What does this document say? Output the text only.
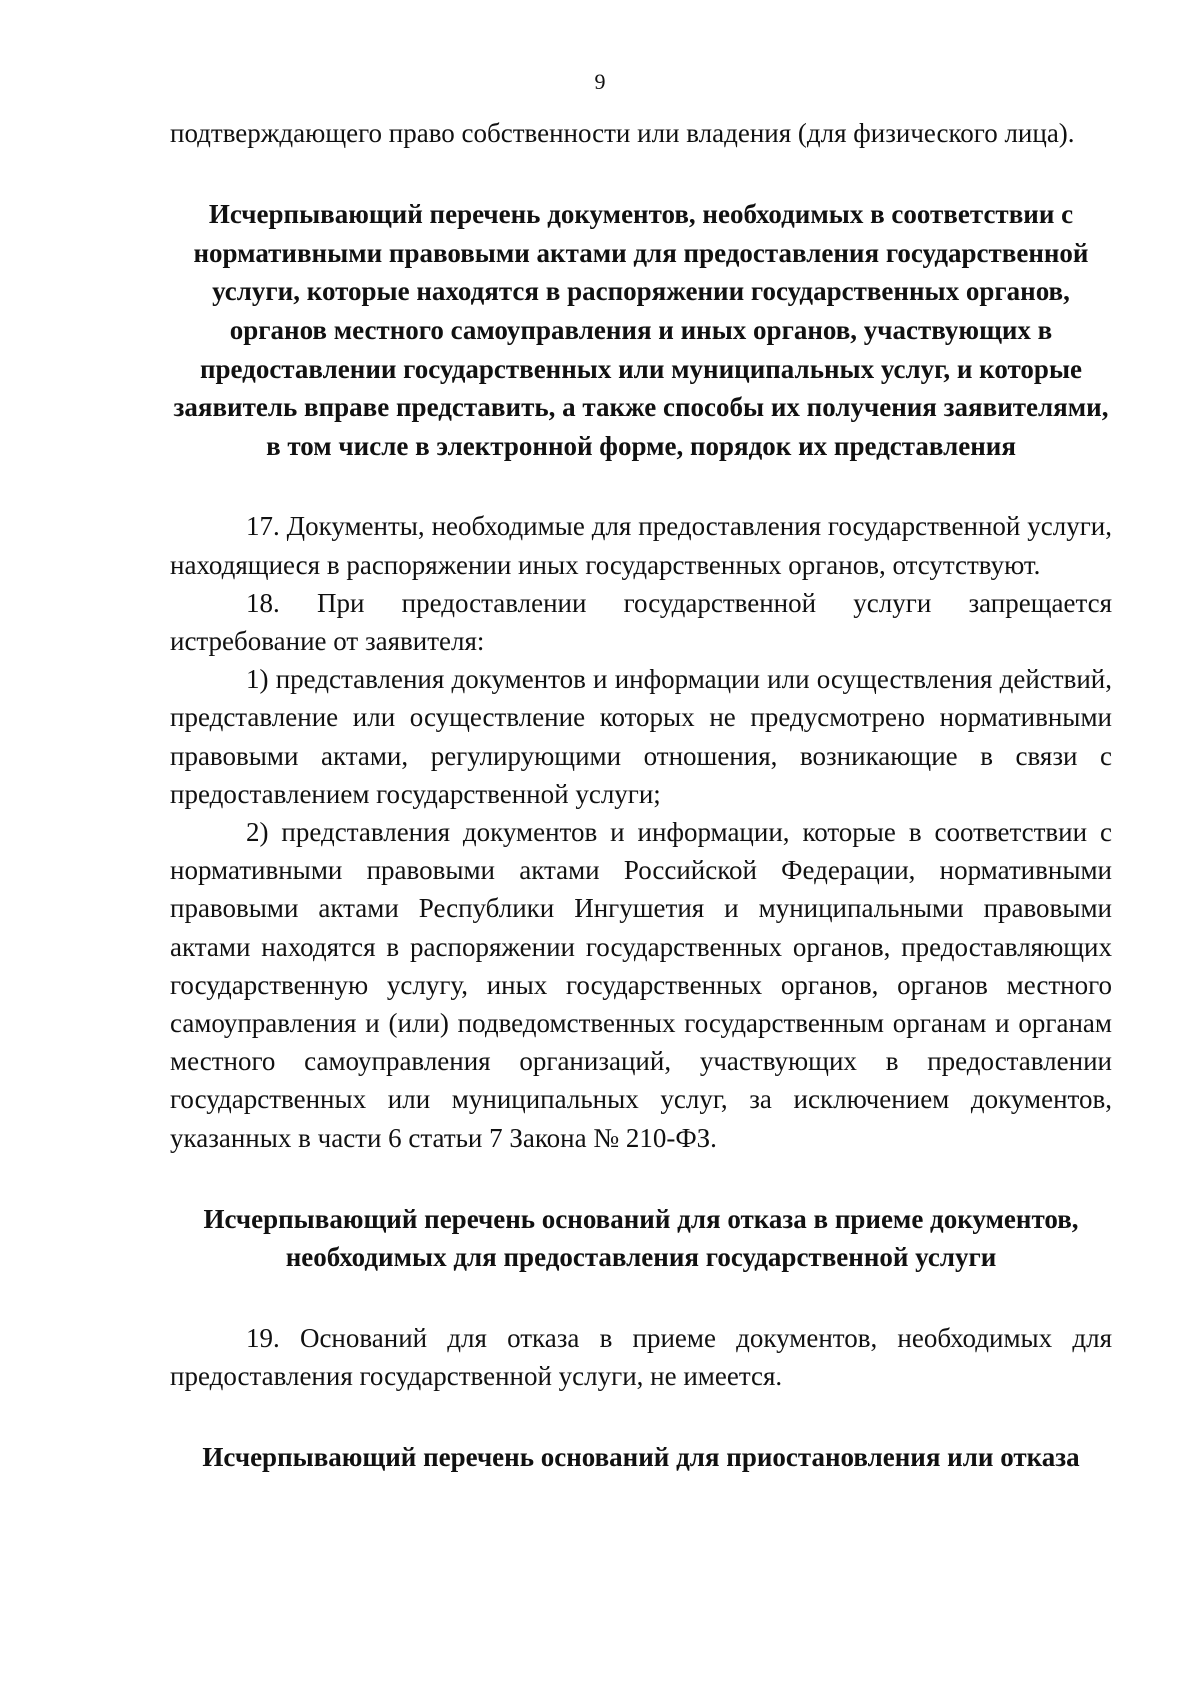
9

подтверждающего право собственности или владения (для физического лица).

Исчерпывающий перечень документов, необходимых в соответствии с нормативными правовыми актами для предоставления государственной услуги, которые находятся в распоряжении государственных органов, органов местного самоуправления и иных органов, участвующих в предоставлении государственных или муниципальных услуг, и которые заявитель вправе представить, а также способы их получения заявителями, в том числе в электронной форме, порядок их представления

17. Документы, необходимые для предоставления государственной услуги, находящиеся в распоряжении иных государственных органов, отсутствуют.

18. При предоставлении государственной услуги запрещается истребование от заявителя:

1) представления документов и информации или осуществления действий, представление или осуществление которых не предусмотрено нормативными правовыми актами, регулирующими отношения, возникающие в связи с предоставлением государственной услуги;

2) представления документов и информации, которые в соответствии с нормативными правовыми актами Российской Федерации, нормативными правовыми актами Республики Ингушетия и муниципальными правовыми актами находятся в распоряжении государственных органов, предоставляющих государственную услугу, иных государственных органов, органов местного самоуправления и (или) подведомственных государственным органам и органам местного самоуправления организаций, участвующих в предоставлении государственных или муниципальных услуг, за исключением документов, указанных в части 6 статьи 7 Закона № 210-ФЗ.

Исчерпывающий перечень оснований для отказа в приеме документов, необходимых для предоставления государственной услуги

19. Оснований для отказа в приеме документов, необходимых для предоставления государственной услуги, не имеется.

Исчерпывающий перечень оснований для приостановления или отказа
